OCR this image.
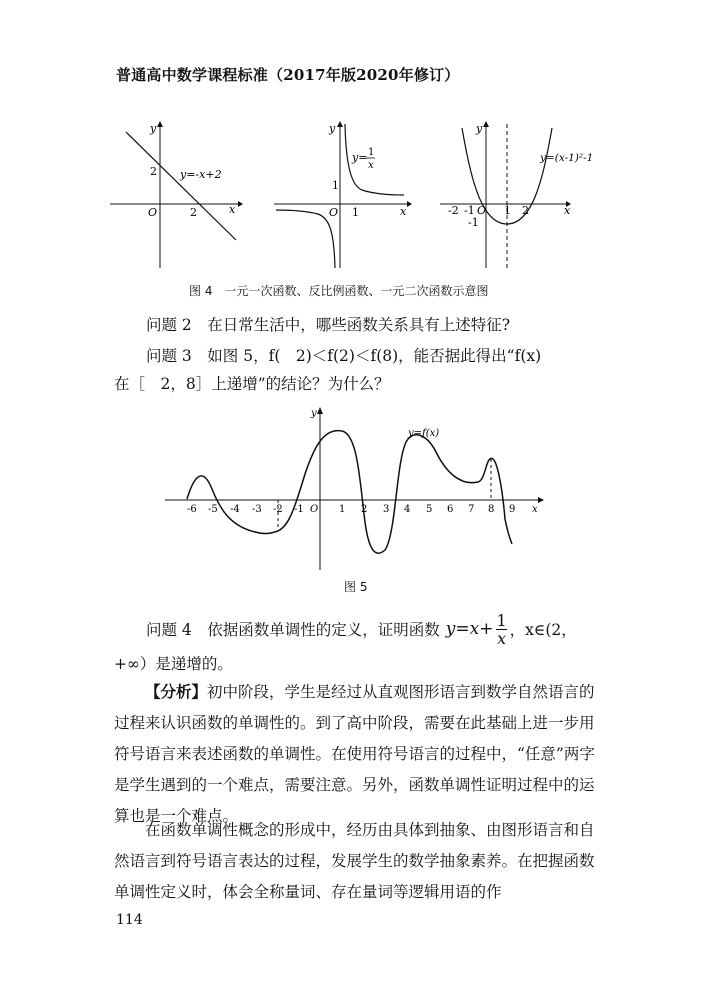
普通高中数学课程标准（2017年版2020年修订）
y
x
O
2
2
y=-x+2
y
x
O
1
1
y= 1
x
y
x
O
-2 -1	1 2
-1
y=(x-1)²-1
图 4　一元一次函数、反比例函数、一元二次函数示意图
问题 2　在日常生活中，哪些函数关系具有上述特征?
问题 3　如图 5，f(　2)＜f(2)＜f(8)，能否据此得出“f(x)
在［　2，8］上递增”的结论？为什么？
y
x
O
y=f(x)
-6 -5 -4 -3 -2 -1	1 2 3 4 5 6 7 8 9
图 5
问题 4　依据函数单调性的定义，证明函数 $y=x+ \frac{1}{x}$ ，x∈(2，
+∞）是递增的。
【分析】初中阶段，学生是经过从直观图形语言到数学自然语言的过程来认识函数的单调性的。到了高中阶段，需要在此基础上进一步用符号语言来表述函数的单调性。在使用符号语言的过程中，“任意”两字是学生遇到的一个难点，需要注意。另外，函数单调性证明过程中的运算也是一个难点。
在函数单调性概念的形成中，经历由具体到抽象、由图形语言和自然语言到符号语言表达的过程，发展学生的数学抽象素养。在把握函数单调性定义时，体会全称量词、存在量词等逻辑用语的作
114
